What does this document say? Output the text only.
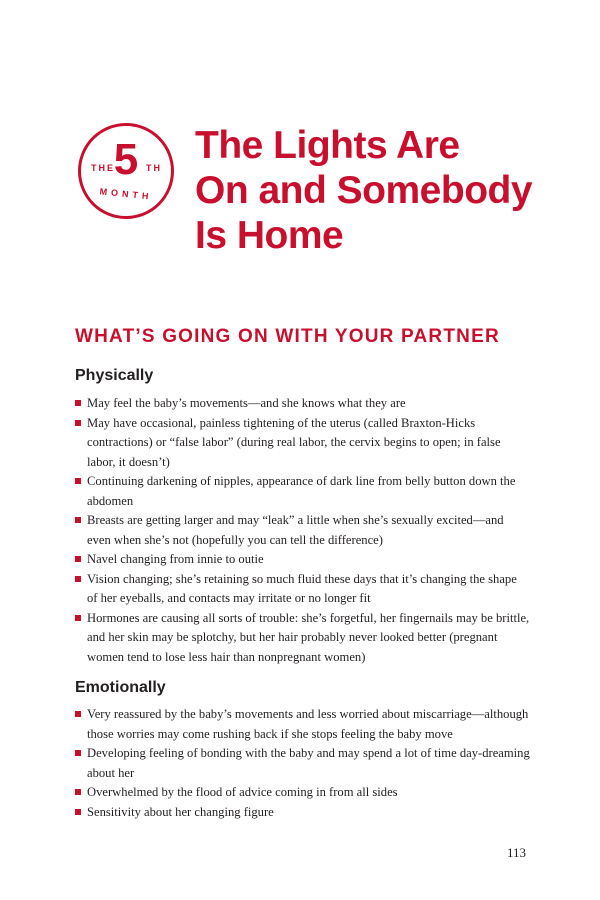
THE
5 TH
MONTH
The Lights Are
On and Somebody
Is Home
WHAT’S GOING ON WITH YOUR PARTNER
Physically
May feel the baby’s movements—and she knows what they are
May have occasional, painless tightening of the uterus (called Braxton-Hicks contractions) or “false labor” (during real labor, the cervix begins to open; in false labor, it doesn’t)
Continuing darkening of nipples, appearance of dark line from belly button down the abdomen
Breasts are getting larger and may “leak” a little when she’s sexually excited—and even when she’s not (hopefully you can tell the difference)
Navel changing from innie to outie
Vision changing; she’s retaining so much fluid these days that it’s changing the shape of her eyeballs, and contacts may irritate or no longer fit
Hormones are causing all sorts of trouble: she’s forgetful, her fingernails may be brittle, and her skin may be splotchy, but her hair probably never looked better (pregnant women tend to lose less hair than nonpregnant women)
Emotionally
Very reassured by the baby’s movements and less worried about miscarriage—although those worries may come rushing back if she stops feeling the baby move
Developing feeling of bonding with the baby and may spend a lot of time day-dreaming about her
Overwhelmed by the flood of advice coming in from all sides
Sensitivity about her changing figure
113
